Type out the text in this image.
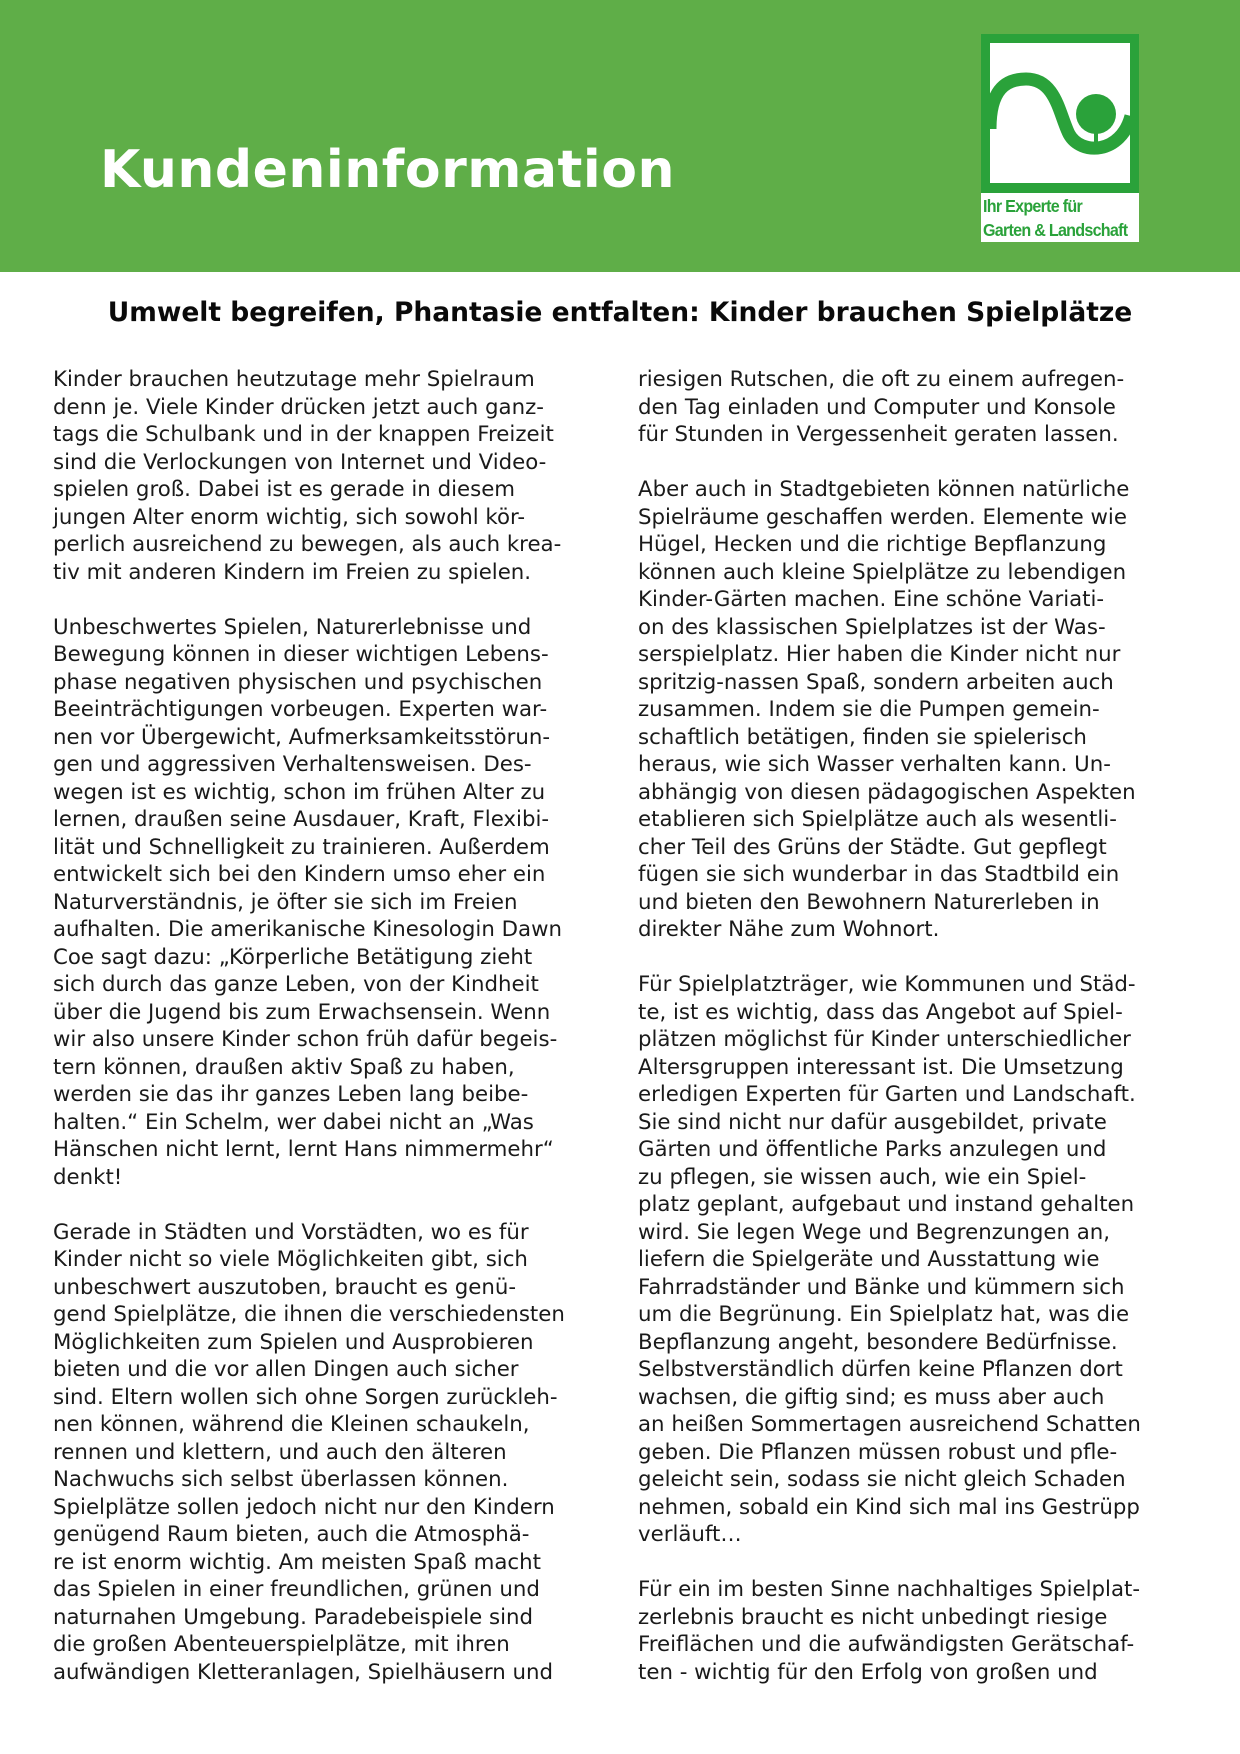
Kundeninformation
Ihr Experte für
Garten & Landschaft
Umwelt begreifen, Phantasie entfalten: Kinder brauchen Spielplätze
Kinder brauchen heutzutage mehr Spielraum
denn je. Viele Kinder drücken jetzt auch ganz-
tags die Schulbank und in der knappen Freizeit
sind die Verlockungen von Internet und Video-
spielen groß. Dabei ist es gerade in diesem
jungen Alter enorm wichtig, sich sowohl kör-
perlich ausreichend zu bewegen, als auch krea-
tiv mit anderen Kindern im Freien zu spielen.
Unbeschwertes Spielen, Naturerlebnisse und
Bewegung können in dieser wichtigen Lebens-
phase negativen physischen und psychischen
Beeinträchtigungen vorbeugen. Experten war-
nen vor Übergewicht, Aufmerksamkeitsstörun-
gen und aggressiven Verhaltensweisen. Des-
wegen ist es wichtig, schon im frühen Alter zu
lernen, draußen seine Ausdauer, Kraft, Flexibi-
lität und Schnelligkeit zu trainieren. Außerdem
entwickelt sich bei den Kindern umso eher ein
Naturverständnis, je öfter sie sich im Freien
aufhalten. Die amerikanische Kinesologin Dawn
Coe sagt dazu: „Körperliche Betätigung zieht
sich durch das ganze Leben, von der Kindheit
über die Jugend bis zum Erwachsensein. Wenn
wir also unsere Kinder schon früh dafür begeis-
tern können, draußen aktiv Spaß zu haben,
werden sie das ihr ganzes Leben lang beibe-
halten.“ Ein Schelm, wer dabei nicht an „Was
Hänschen nicht lernt, lernt Hans nimmermehr“
denkt!
Gerade in Städten und Vorstädten, wo es für
Kinder nicht so viele Möglichkeiten gibt, sich
unbeschwert auszutoben, braucht es genü-
gend Spielplätze, die ihnen die verschiedensten
Möglichkeiten zum Spielen und Ausprobieren
bieten und die vor allen Dingen auch sicher
sind. Eltern wollen sich ohne Sorgen zurückleh-
nen können, während die Kleinen schaukeln,
rennen und klettern, und auch den älteren
Nachwuchs sich selbst überlassen können.
Spielplätze sollen jedoch nicht nur den Kindern
genügend Raum bieten, auch die Atmosphä-
re ist enorm wichtig. Am meisten Spaß macht
das Spielen in einer freundlichen, grünen und
naturnahen Umgebung. Paradebeispiele sind
die großen Abenteuerspielplätze, mit ihren
aufwändigen Kletteranlagen, Spielhäusern und
riesigen Rutschen, die oft zu einem aufregen-
den Tag einladen und Computer und Konsole
für Stunden in Vergessenheit geraten lassen.
Aber auch in Stadtgebieten können natürliche
Spielräume geschaffen werden. Elemente wie
Hügel, Hecken und die richtige Bepflanzung
können auch kleine Spielplätze zu lebendigen
Kinder-Gärten machen. Eine schöne Variati-
on des klassischen Spielplatzes ist der Was-
serspielplatz. Hier haben die Kinder nicht nur
spritzig-nassen Spaß, sondern arbeiten auch
zusammen. Indem sie die Pumpen gemein-
schaftlich betätigen, finden sie spielerisch
heraus, wie sich Wasser verhalten kann. Un-
abhängig von diesen pädagogischen Aspekten
etablieren sich Spielplätze auch als wesentli-
cher Teil des Grüns der Städte. Gut gepflegt
fügen sie sich wunderbar in das Stadtbild ein
und bieten den Bewohnern Naturerleben in
direkter Nähe zum Wohnort.
Für Spielplatzträger, wie Kommunen und Städ-
te, ist es wichtig, dass das Angebot auf Spiel-
plätzen möglichst für Kinder unterschiedlicher
Altersgruppen interessant ist. Die Umsetzung
erledigen Experten für Garten und Landschaft.
Sie sind nicht nur dafür ausgebildet, private
Gärten und öffentliche Parks anzulegen und
zu pflegen, sie wissen auch, wie ein Spiel-
platz geplant, aufgebaut und instand gehalten
wird. Sie legen Wege und Begrenzungen an,
liefern die Spielgeräte und Ausstattung wie
Fahrradständer und Bänke und kümmern sich
um die Begrünung. Ein Spielplatz hat, was die
Bepflanzung angeht, besondere Bedürfnisse.
Selbstverständlich dürfen keine Pflanzen dort
wachsen, die giftig sind; es muss aber auch
an heißen Sommertagen ausreichend Schatten
geben. Die Pflanzen müssen robust und pfle-
geleicht sein, sodass sie nicht gleich Schaden
nehmen, sobald ein Kind sich mal ins Gestrüpp
verläuft…
Für ein im besten Sinne nachhaltiges Spielplat-
zerlebnis braucht es nicht unbedingt riesige
Freiflächen und die aufwändigsten Gerätschaf-
ten - wichtig für den Erfolg von großen und
